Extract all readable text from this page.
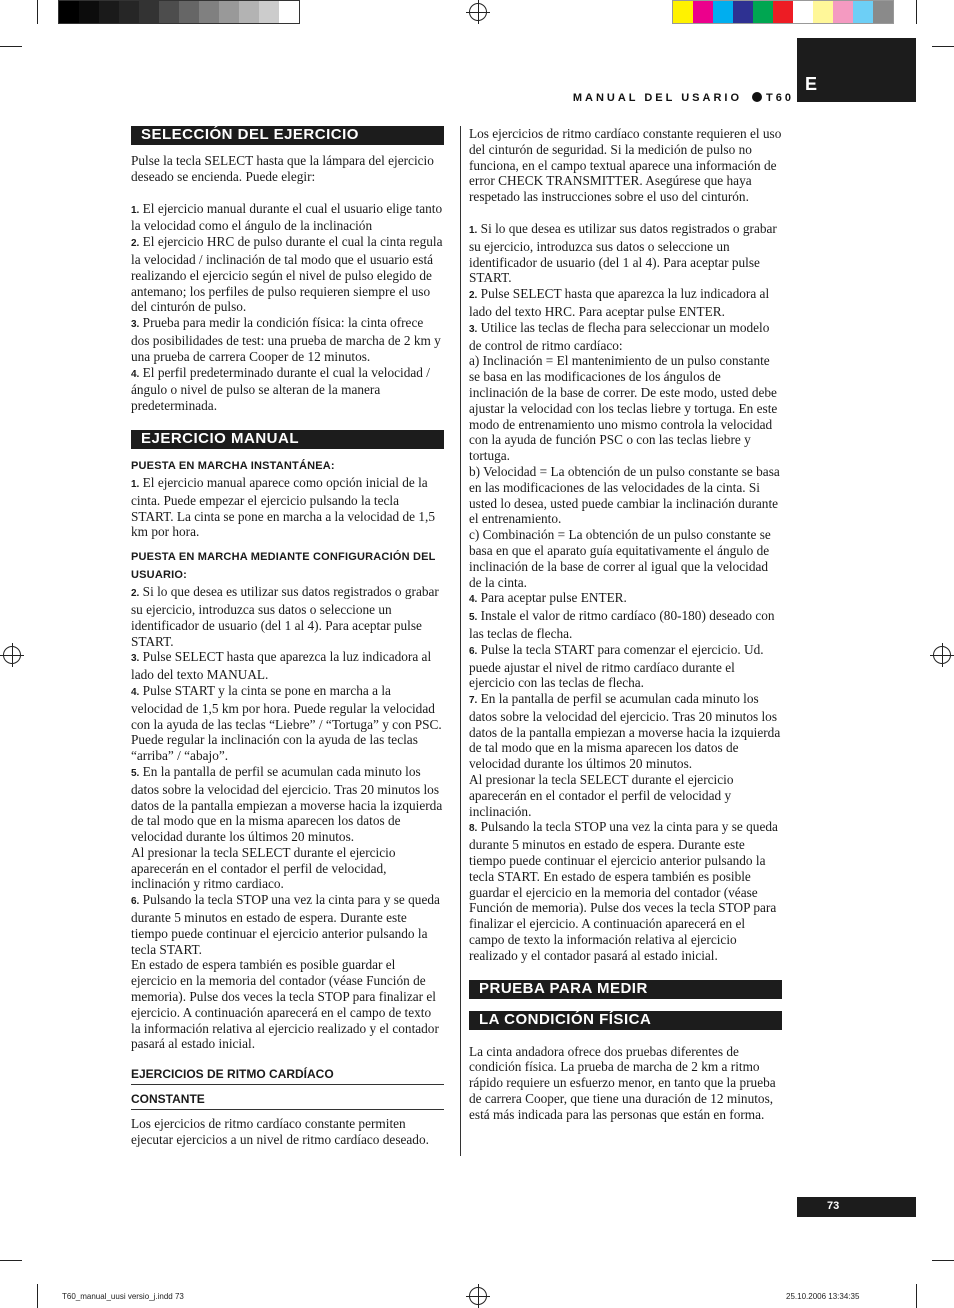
MANUAL DEL USARIO T60
E
SELECCIÓN DEL EJERCICIO

Pulse la tecla SELECT hasta que la lámpara del ejercicio deseado se encienda. Puede elegir:

1. El ejercicio manual durante el cual el usuario elige tanto la velocidad como el ángulo de la inclinación

2. El ejercicio HRC de pulso durante el cual la cinta regula la velocidad / inclinación de tal modo que el usuario está realizando el ejercicio según el nivel de pulso elegido de antemano; los perfiles de pulso requieren siempre el uso del cinturón de pulso.

3. Prueba para medir la condición física: la cinta ofrece dos posibilidades de test: una prueba de marcha de 2 km y una prueba de carrera Cooper de 12 minutos.

4. El perfil predeterminado durante el cual la velocidad / ángulo o nivel de pulso se alteran de la manera predeterminada.

EJERCICIO MANUAL
PUESTA EN MARCHA INSTANTÁNEA:

1. El ejercicio manual aparece como opción inicial de la cinta. Puede empezar el ejercicio pulsando la tecla START. La cinta se pone en marcha a la velocidad de 1,5 km por hora.

PUESTA EN MARCHA MEDIANTE CONFIGURACIÓN DEL USUARIO:

2. Si lo que desea es utilizar sus datos registrados o grabar su ejercicio, introduzca sus datos o seleccione un identificador de usuario (del 1 al 4). Para aceptar pulse START.

3. Pulse SELECT hasta que aparezca la luz indicadora al lado del texto MANUAL.

4. Pulse START y la cinta se pone en marcha a la velocidad de 1,5 km por hora. Puede regular la velocidad con la ayuda de las teclas “Liebre” / “Tortuga” y con PSC. Puede regular la inclinación con la ayuda de las teclas “arriba” / “abajo”.

5. En la pantalla de perfil se acumulan cada minuto los datos sobre la velocidad del ejercicio. Tras 20 minutos los datos de la pantalla empiezan a moverse hacia la izquierda de tal modo que en la misma aparecen los datos de velocidad durante los últimos 20 minutos.

Al presionar la tecla SELECT durante el ejercicio aparecerán en el contador el perfil de velocidad, inclinación y ritmo cardiaco.

6. Pulsando la tecla STOP una vez la cinta para y se queda durante 5 minutos en estado de espera. Durante este tiempo puede continuar el ejercicio anterior pulsando la tecla START.

En estado de espera también es posible guardar el ejercicio en la memoria del contador (véase Función de memoria). Pulse dos veces la tecla STOP para finalizar el ejercicio. A continuación aparecerá en el campo de texto la información relativa al ejercicio realizado y el contador pasará al estado inicial.

EJERCICIOS DE RITMO CARDÍACO
CONSTANTE

Los ejercicios de ritmo cardíaco constante permiten ejecutar ejercicios a un nivel de ritmo cardíaco deseado.

Los ejercicios de ritmo cardíaco constante requieren el uso del cinturón de seguridad. Si la medición de pulso no funciona, en el campo textual aparece una información de error CHECK TRANSMITTER. Asegúrese que haya respetado las instrucciones sobre el uso del cinturón.

1. Si lo que desea es utilizar sus datos registrados o grabar su ejercicio, introduzca sus datos o seleccione un identificador de usuario (del 1 al 4). Para aceptar pulse START.

2. Pulse SELECT hasta que aparezca la luz indicadora al lado del texto HRC. Para aceptar pulse ENTER.

3. Utilice las teclas de flecha para seleccionar un modelo de control de ritmo cardíaco:

a) Inclinación = El mantenimiento de un pulso constante se basa en las modificaciones de los ángulos de inclinación de la base de correr. De este modo, usted debe ajustar la velocidad con los teclas liebre y tortuga. En este modo de entrenamiento uno mismo controla la velocidad con la ayuda de función PSC o con las teclas liebre y tortuga.

b) Velocidad = La obtención de un pulso constante se basa en las modificaciones de las velocidades de la cinta. Si usted lo desea, usted puede cambiar la inclinación durante el entrenamiento.

c) Combinación = La obtención de un pulso constante se basa en que el aparato guía equitativamente el ángulo de inclinación de la base de correr al igual que la velocidad de la cinta.

4. Para aceptar pulse ENTER.

5. Instale el valor de ritmo cardíaco (80-180) deseado con las teclas de flecha.

6. Pulse la tecla START para comenzar el ejercicio. Ud. puede ajustar el nivel de ritmo cardíaco durante el ejercicio con las teclas de flecha.

7. En la pantalla de perfil se acumulan cada minuto los datos sobre la velocidad del ejercicio. Tras 20 minutos los datos de la pantalla empiezan a moverse hacia la izquierda de tal modo que en la misma aparecen los datos de velocidad durante los últimos 20 minutos.

Al presionar la tecla SELECT durante el ejercicio aparecerán en el contador el perfil de velocidad y inclinación.

8. Pulsando la tecla STOP una vez la cinta para y se queda durante 5 minutos en estado de espera. Durante este tiempo puede continuar el ejercicio anterior pulsando la tecla START. En estado de espera también es posible guardar el ejercicio en la memoria del contador (véase Función de memoria). Pulse dos veces la tecla STOP para finalizar el ejercicio. A continuación aparecerá en el campo de texto la información relativa al ejercicio realizado y el contador pasará al estado inicial.

PRUEBA PARA MEDIR
LA CONDICIÓN FÍSICA

La cinta andadora ofrece dos pruebas diferentes de condición física. La prueba de marcha de 2 km a ritmo rápido requiere un esfuerzo menor, en tanto que la prueba de carrera Cooper, que tiene una duración de 12 minutos, está más indicada para las personas que están en forma.

73
T60_manual_uusi versio_j.indd 73	25.10.2006 13:34:35
